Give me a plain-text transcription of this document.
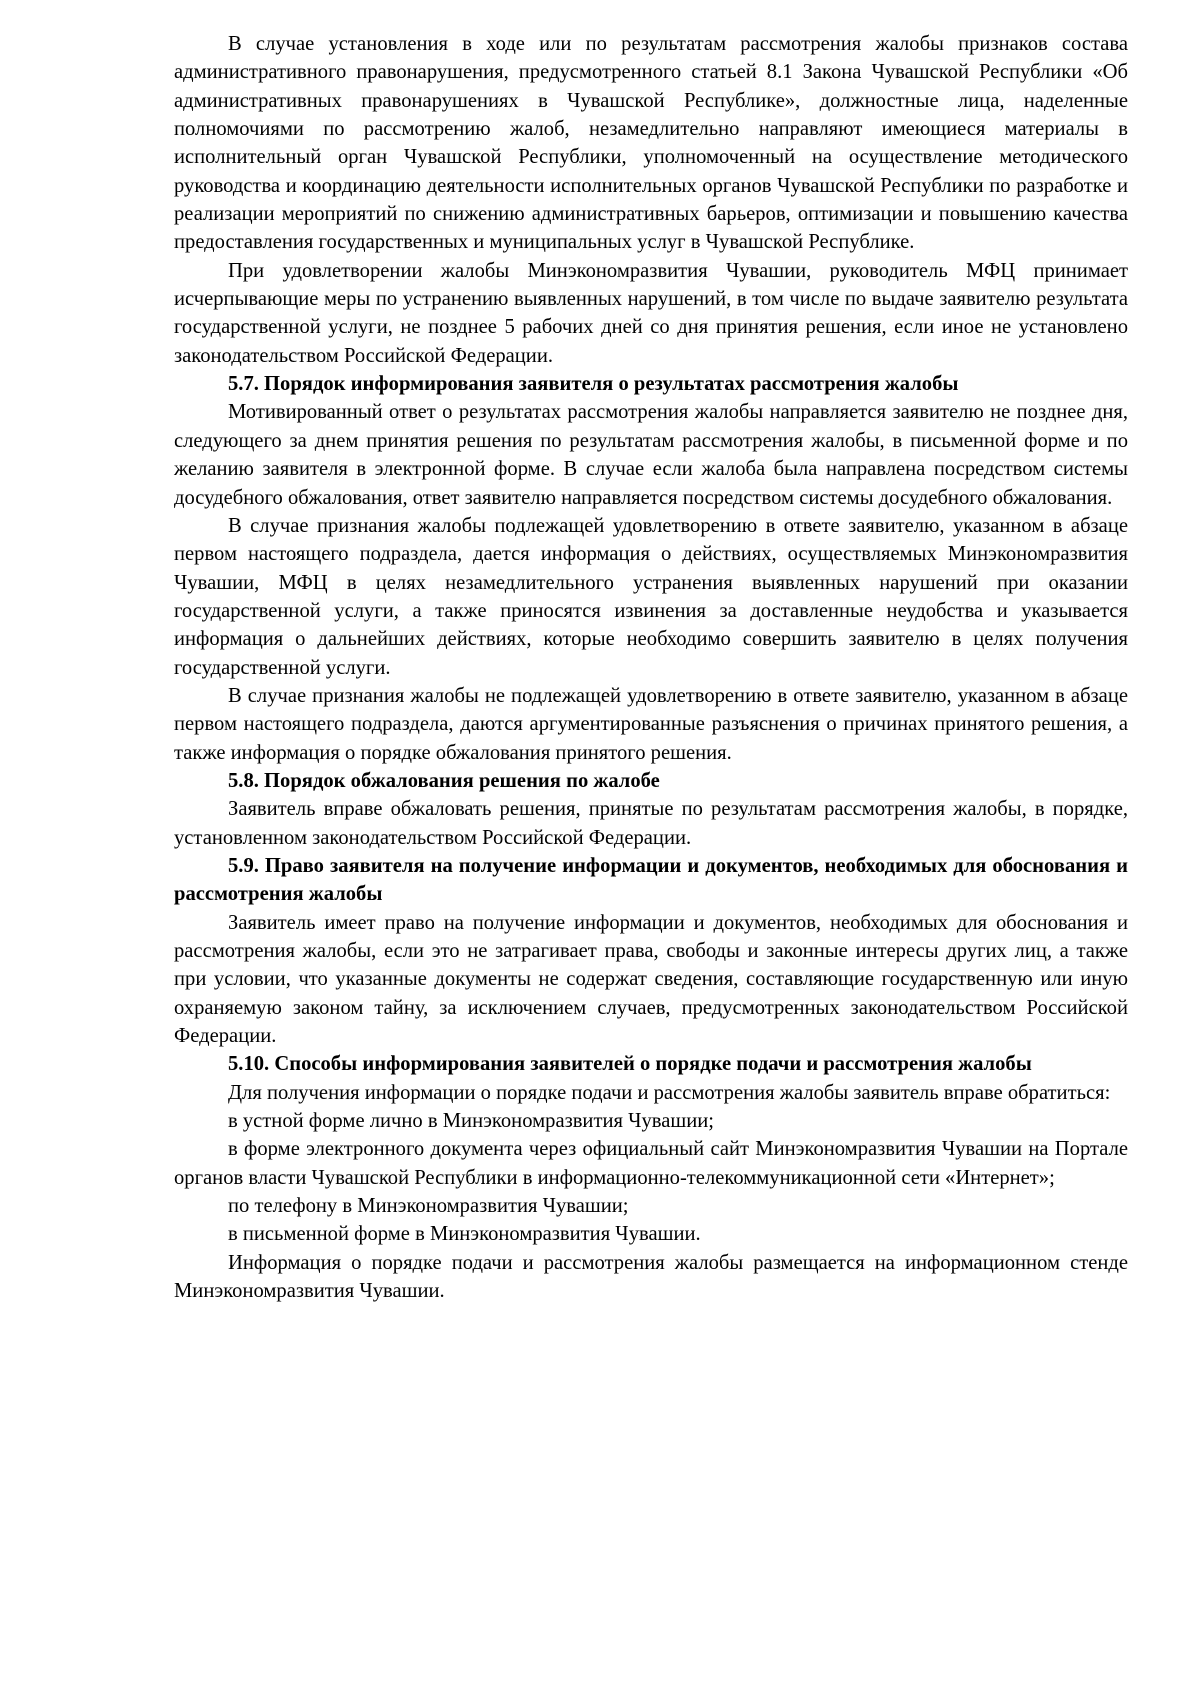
В случае установления в ходе или по результатам рассмотрения жалобы признаков состава административного правонарушения, предусмотренного статьей 8.1 Закона Чувашской Республики «Об административных правонарушениях в Чувашской Республике», должностные лица, наделенные полномочиями по рассмотрению жалоб, незамедлительно направляют имеющиеся материалы в исполнительный орган Чувашской Республики, уполномоченный на осуществление методического руководства и координацию деятельности исполнительных органов Чувашской Республики по разработке и реализации мероприятий по снижению административных барьеров, оптимизации и повышению качества предоставления государственных и муниципальных услуг в Чувашской Республике.

При удовлетворении жалобы Минэкономразвития Чувашии, руководитель МФЦ принимает исчерпывающие меры по устранению выявленных нарушений, в том числе по выдаче заявителю результата государственной услуги, не позднее 5 рабочих дней со дня принятия решения, если иное не установлено законодательством Российской Федерации.

5.7. Порядок информирования заявителя о результатах рассмотрения жалобы

Мотивированный ответ о результатах рассмотрения жалобы направляется заявителю не позднее дня, следующего за днем принятия решения по результатам рассмотрения жалобы, в письменной форме и по желанию заявителя в электронной форме. В случае если жалоба была направлена посредством системы досудебного обжалования, ответ заявителю направляется посредством системы досудебного обжалования.

В случае признания жалобы подлежащей удовлетворению в ответе заявителю, указанном в абзаце первом настоящего подраздела, дается информация о действиях, осуществляемых Минэкономразвития Чувашии, МФЦ в целях незамедлительного устранения выявленных нарушений при оказании государственной услуги, а также приносятся извинения за доставленные неудобства и указывается информация о дальнейших действиях, которые необходимо совершить заявителю в целях получения государственной услуги.

В случае признания жалобы не подлежащей удовлетворению в ответе заявителю, указанном в абзаце первом настоящего подраздела, даются аргументированные разъяснения о причинах принятого решения, а также информация о порядке обжалования принятого решения.

5.8. Порядок обжалования решения по жалобе

Заявитель вправе обжаловать решения, принятые по результатам рассмотрения жалобы, в порядке, установленном законодательством Российской Федерации.

5.9. Право заявителя на получение информации и документов, необходимых для обоснования и рассмотрения жалобы

Заявитель имеет право на получение информации и документов, необходимых для обоснования и рассмотрения жалобы, если это не затрагивает права, свободы и законные интересы других лиц, а также при условии, что указанные документы не содержат сведения, составляющие государственную или иную охраняемую законом тайну, за исключением случаев, предусмотренных законодательством Российской Федерации.

5.10. Способы информирования заявителей о порядке подачи и рассмотрения жалобы

Для получения информации о порядке подачи и рассмотрения жалобы заявитель вправе обратиться:

в устной форме лично в Минэкономразвития Чувашии;

в форме электронного документа через официальный сайт Минэкономразвития Чувашии на Портале органов власти Чувашской Республики в информационно-телекоммуникационной сети «Интернет»;

по телефону в Минэкономразвития Чувашии;

в письменной форме в Минэкономразвития Чувашии.

Информация о порядке подачи и рассмотрения жалобы размещается на информационном стенде Минэкономразвития Чувашии.
